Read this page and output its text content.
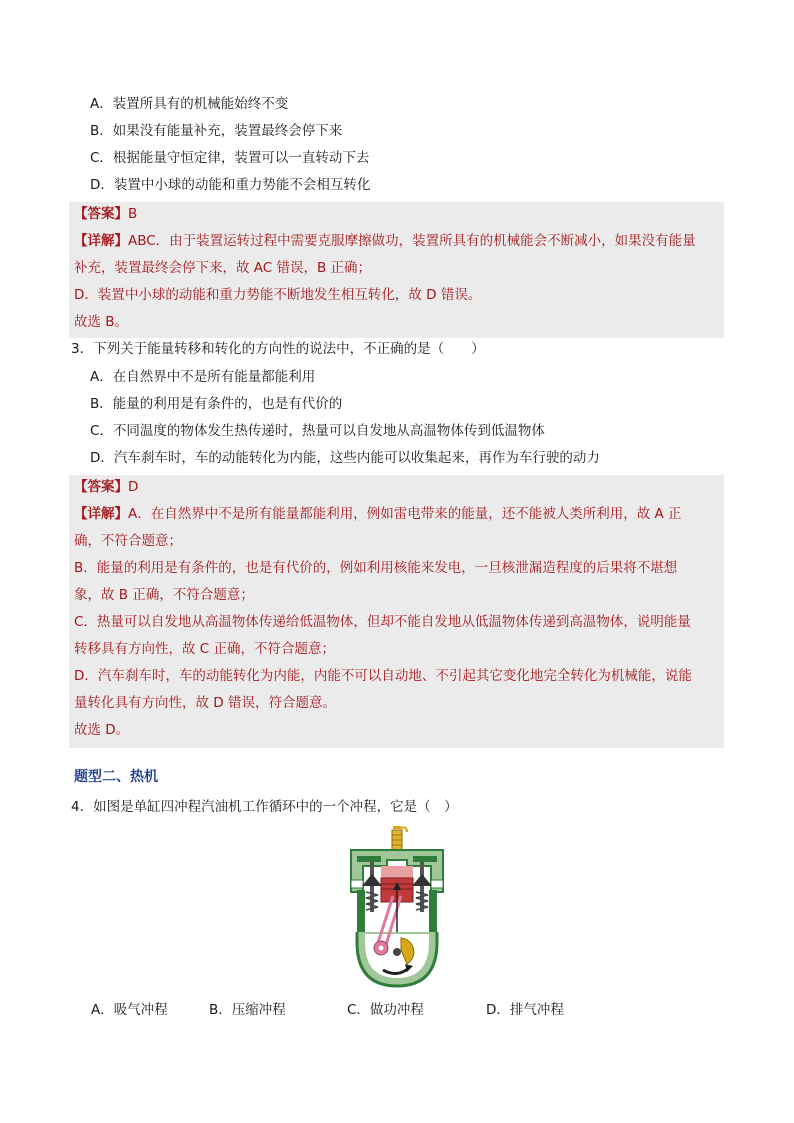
A．装置所具有的机械能始终不变
B．如果没有能量补充，装置最终会停下来
C．根据能量守恒定律，装置可以一直转动下去
D．装置中小球的动能和重力势能不会相互转化
【答案】B
【详解】ABC．由于装置运转过程中需要克服摩擦做功，装置所具有的机械能会不断减小，如果没有能量
补充，装置最终会停下来，故 AC 错误，B 正确；
D．装置中小球的动能和重力势能不断地发生相互转化，故 D 错误。
故选 B。
3．下列关于能量转移和转化的方向性的说法中，不正确的是（　　）
A．在自然界中不是所有能量都能利用
B．能量的利用是有条件的，也是有代价的
C．不同温度的物体发生热传递时，热量可以自发地从高温物体传到低温物体
D．汽车刹车时，车的动能转化为内能，这些内能可以收集起来，再作为车行驶的动力
【答案】D
【详解】A．在自然界中不是所有能量都能利用，例如雷电带来的能量，还不能被人类所利用，故 A 正
确，不符合题意；
B．能量的利用是有条件的，也是有代价的，例如利用核能来发电，一旦核泄漏造程度的后果将不堪想
象，故 B 正确，不符合题意；
C．热量可以自发地从高温物体传递给低温物体，但却不能自发地从低温物体传递到高温物体，说明能量
转移具有方向性，故 C 正确，不符合题意；
D．汽车刹车时，车的动能转化为内能，内能不可以自动地、不引起其它变化地完全转化为机械能，说能
量转化具有方向性，故 D 错误，符合题意。
故选 D。
题型二、热机
4．如图是单缸四冲程汽油机工作循环中的一个冲程，它是（　）
A．吸气冲程	B．压缩冲程	C．做功冲程	D．排气冲程
